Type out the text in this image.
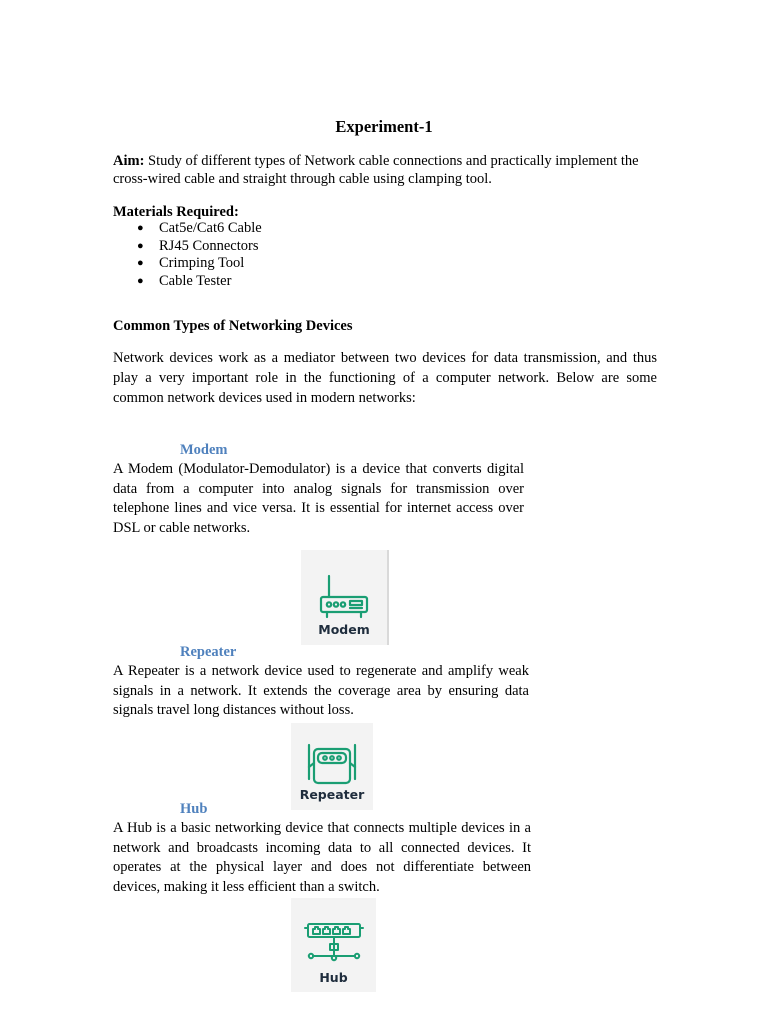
Experiment-1
Aim: Study of different types of Network cable connections and practically implement the cross-wired cable and straight through cable using clamping tool.
Materials Required:
●	Cat5e/Cat6 Cable
●	RJ45 Connectors
●	Crimping Tool
●	Cable Tester
Common Types of Networking Devices
Network devices work as a mediator between two devices for data transmission, and thus play a very important role in the functioning of a computer network. Below are some common network devices used in modern networks:
Modem
A Modem (Modulator-Demodulator) is a device that converts digital data from a computer into analog signals for transmission over telephone lines and vice versa. It is essential for internet access over DSL or cable networks.
Modem
Repeater
A Repeater is a network device used to regenerate and amplify weak signals in a network. It extends the coverage area by ensuring data signals travel long distances without loss.
Repeater
Hub
A Hub is a basic networking device that connects multiple devices in a network and broadcasts incoming data to all connected devices. It operates at the physical layer and does not differentiate between devices, making it less efficient than a switch.
Hub
